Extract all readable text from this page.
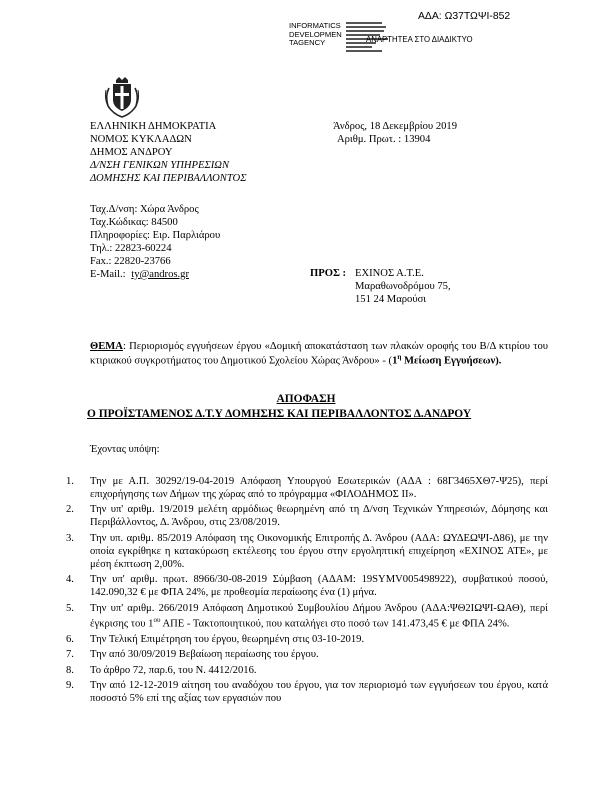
ΑΔΑ: Ω37ΤΩΨΙ-852
INFORMATICS
DEVELOPMEN
TAGENCY	ΑΝΑΡΤΗΤΕΑ ΣΤΟ ΔΙΑΔΙΚΤΥΟ
ΕΛΛΗΝΙΚΗ ΔΗΜΟΚΡΑΤΙΑ
ΝΟΜΟΣ ΚΥΚΛΑΔΩΝ
ΔΗΜΟΣ ΑΝΔΡΟΥ
Δ/ΝΣΗ ΓΕΝΙΚΩΝ ΥΠΗΡΕΣΙΩΝ
ΔΟΜΗΣΗΣ ΚΑΙ ΠΕΡΙΒΑΛΛΟΝΤΟΣ
Άνδρος, 18 Δεκεμβρίου 2019
Αριθμ. Πρωτ. : 13904
Ταχ.Δ/νση: Χώρα Άνδρος
Ταχ.Κώδικας: 84500
Πληροφορίες: Ειρ. Παρλιάρου
Τηλ.: 22823-60224
Fax.: 22820-23766
E-Mail.: ty@andros.gr	ΠΡΟΣ : ΕΧΙΝΟΣ Α.Τ.Ε.
Μαραθωνοδρόμου 75,
151 24 Μαρούσι
ΘΕΜΑ: Περιορισμός εγγυήσεων έργου «Δομική αποκατάσταση των πλακών οροφής του Β/Δ κτιρίου του κτιριακού συγκροτήματος του Δημοτικού Σχολείου Χώρας Άνδρου» - ($1^\eta$ Μείωση Εγγυήσεων).
ΑΠΟΦΑΣΗ
Ο ΠΡΟΪΣΤΑΜΕΝΟΣ Δ.Τ.Υ ΔΟΜΗΣΗΣ ΚΑΙ ΠΕΡΙΒΑΛΛΟΝΤΟΣ Δ.ΑΝΔΡΟΥ
Έχοντας υπόψη:
1. Την με Α.Π. 30292/19-04-2019 Απόφαση Υπουργού Εσωτερικών (ΑΔΑ : 68Γ3465ΧΘ7-Ψ25), περί επιχορήγησης των Δήμων της χώρας από το πρόγραμμα «ΦΙΛΟΔΗΜΟΣ ΙΙ».
2. Την υπ' αριθμ. 19/2019 μελέτη αρμόδιως θεωρημένη από τη Δ/νση Τεχνικών Υπηρεσιών, Δόμησης και Περιβάλλοντος, Δ. Άνδρου, στις 23/08/2019.
3. Την υπ. αριθμ. 85/2019 Απόφαση της Οικονομικής Επιτροπής Δ. Άνδρου (ΑΔΑ: ΩΥΔΕΩΨΙ-Δ86), με την οποία εγκρίθηκε η κατακύρωση εκτέλεσης του έργου στην εργοληπτική επιχείρηση «ΕΧΙΝΟΣ ΑΤΕ», με μέση έκπτωση 2,00%.
4. Την υπ' αριθμ. πρωτ. 8966/30-08-2019 Σύμβαση (ΑΔΑΜ: 19SYMV005498922), συμβατικού ποσού, 142.090,32 € με ΦΠΑ 24%, με προθεσμία περαίωσης ένα (1) μήνα.
5. Την υπ' αριθμ. 266/2019 Απόφαση Δημοτικού Συμβουλίου Δήμου Άνδρου (ΑΔΑ:ΨΘ2ΙΩΨΙ-ΩΑΘ), περί έγκρισης του $1^{o\upsilon}$ ΑΠΕ - Τακτοποιητικού, που καταλήγει στο ποσό των 141.473,45 € με ΦΠΑ 24%.
6. Την Τελική Επιμέτρηση του έργου, θεωρημένη στις 03-10-2019.
7. Την από 30/09/2019 Βεβαίωση περαίωσης του έργου.
8. Το άρθρο 72, παρ.6, του Ν. 4412/2016.
9. Την από 12-12-2019 αίτηση του αναδόχου του έργου, για τον περιορισμό των εγγυήσεων του έργου, κατά ποσοστό 5% επί της αξίας των εργασιών που
